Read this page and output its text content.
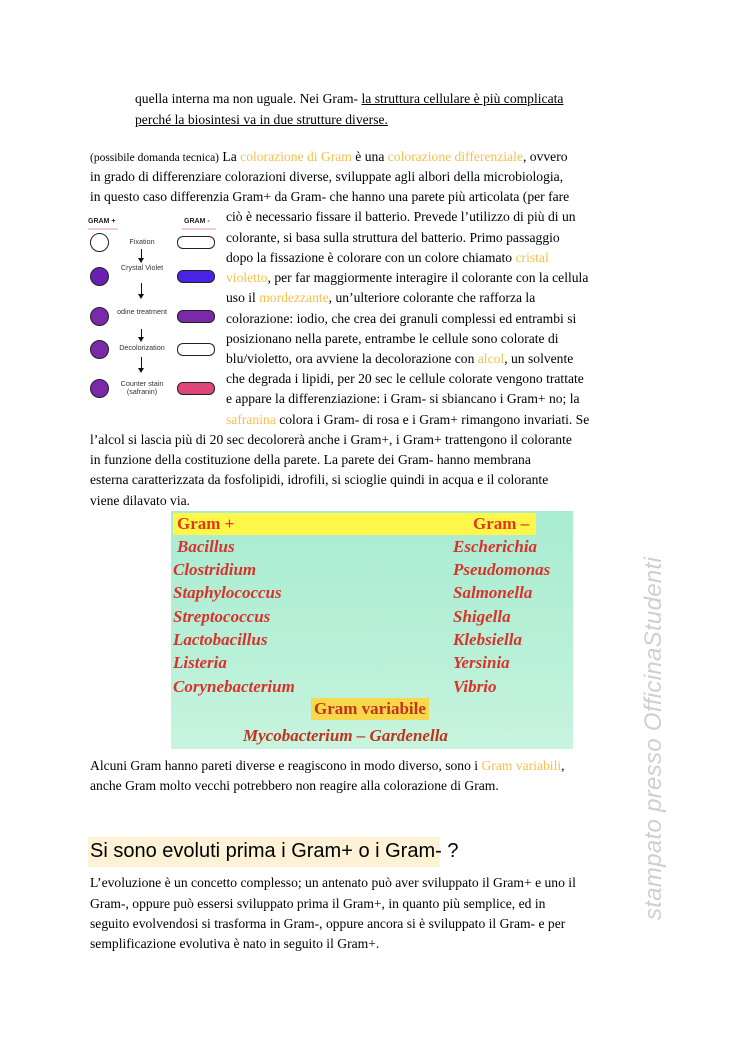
quella interna ma non uguale. Nei Gram- la struttura cellulare è più complicata
perché la biosintesi va in due strutture diverse.
(possibile domanda tecnica) La colorazione di Gram è una colorazione differenziale, ovvero
in grado di differenziare colorazioni diverse, sviluppate agli albori della microbiologia,
in questo caso differenzia Gram+ da Gram- che hanno una parete più articolata (per fare
ciò è necessario fissare il batterio. Prevede l’utilizzo di più di un
colorante, si basa sulla struttura del batterio. Primo passaggio
dopo la fissazione è colorare con un colore chiamato cristal
violetto, per far maggiormente interagire il colorante con la cellula
uso il mordezzante, un’ulteriore colorante che rafforza la
colorazione: iodio, che crea dei granuli complessi ed entrambi si
posizionano nella parete, entrambe le cellule sono colorate di
blu/violetto, ora avviene la decolorazione con alcol, un solvente
che degrada i lipidi, per 20 sec le cellule colorate vengono trattate
e appare la differenziazione: i Gram- si sbiancano i Gram+ no; la
safranina colora i Gram- di rosa e i Gram+ rimangono invariati. Se
l’alcol si lascia più di 20 sec decolorerà anche i Gram+, i Gram+ trattengono il colorante
in funzione della costituzione della parete. La parete dei Gram- hanno membrana
esterna caratterizzata da fosfolipidi, idrofili, si scioglie quindi in acqua e il colorante
viene dilavato via.
GRAM +	GRAM -
Fixation
Crystal Violet
odine treatment
Decolorization
Counter stain (safranin)
Gram +	Gram –
Bacillus
Clostridium
Staphylococcus
Streptococcus
Lactobacillus
Listeria
Corynebacterium
Escherichia
Pseudomonas
Salmonella
Shigella
Klebsiella
Yersinia
Vibrio
Gram variabile
Mycobacterium – Gardenella
Alcuni Gram hanno pareti diverse e reagiscono in modo diverso, sono i Gram variabili,
anche Gram molto vecchi potrebbero non reagire alla colorazione di Gram.
Si sono evoluti prima i Gram+ o i Gram- ?
L’evoluzione è un concetto complesso; un antenato può aver sviluppato il Gram+ e uno il
Gram-, oppure può essersi sviluppato prima il Gram+, in quanto più semplice, ed in
seguito evolvendosi si trasforma in Gram-, oppure ancora si è sviluppato il Gram- e per
semplificazione evolutiva è nato in seguito il Gram+.
stampato presso OfficinaStudenti
